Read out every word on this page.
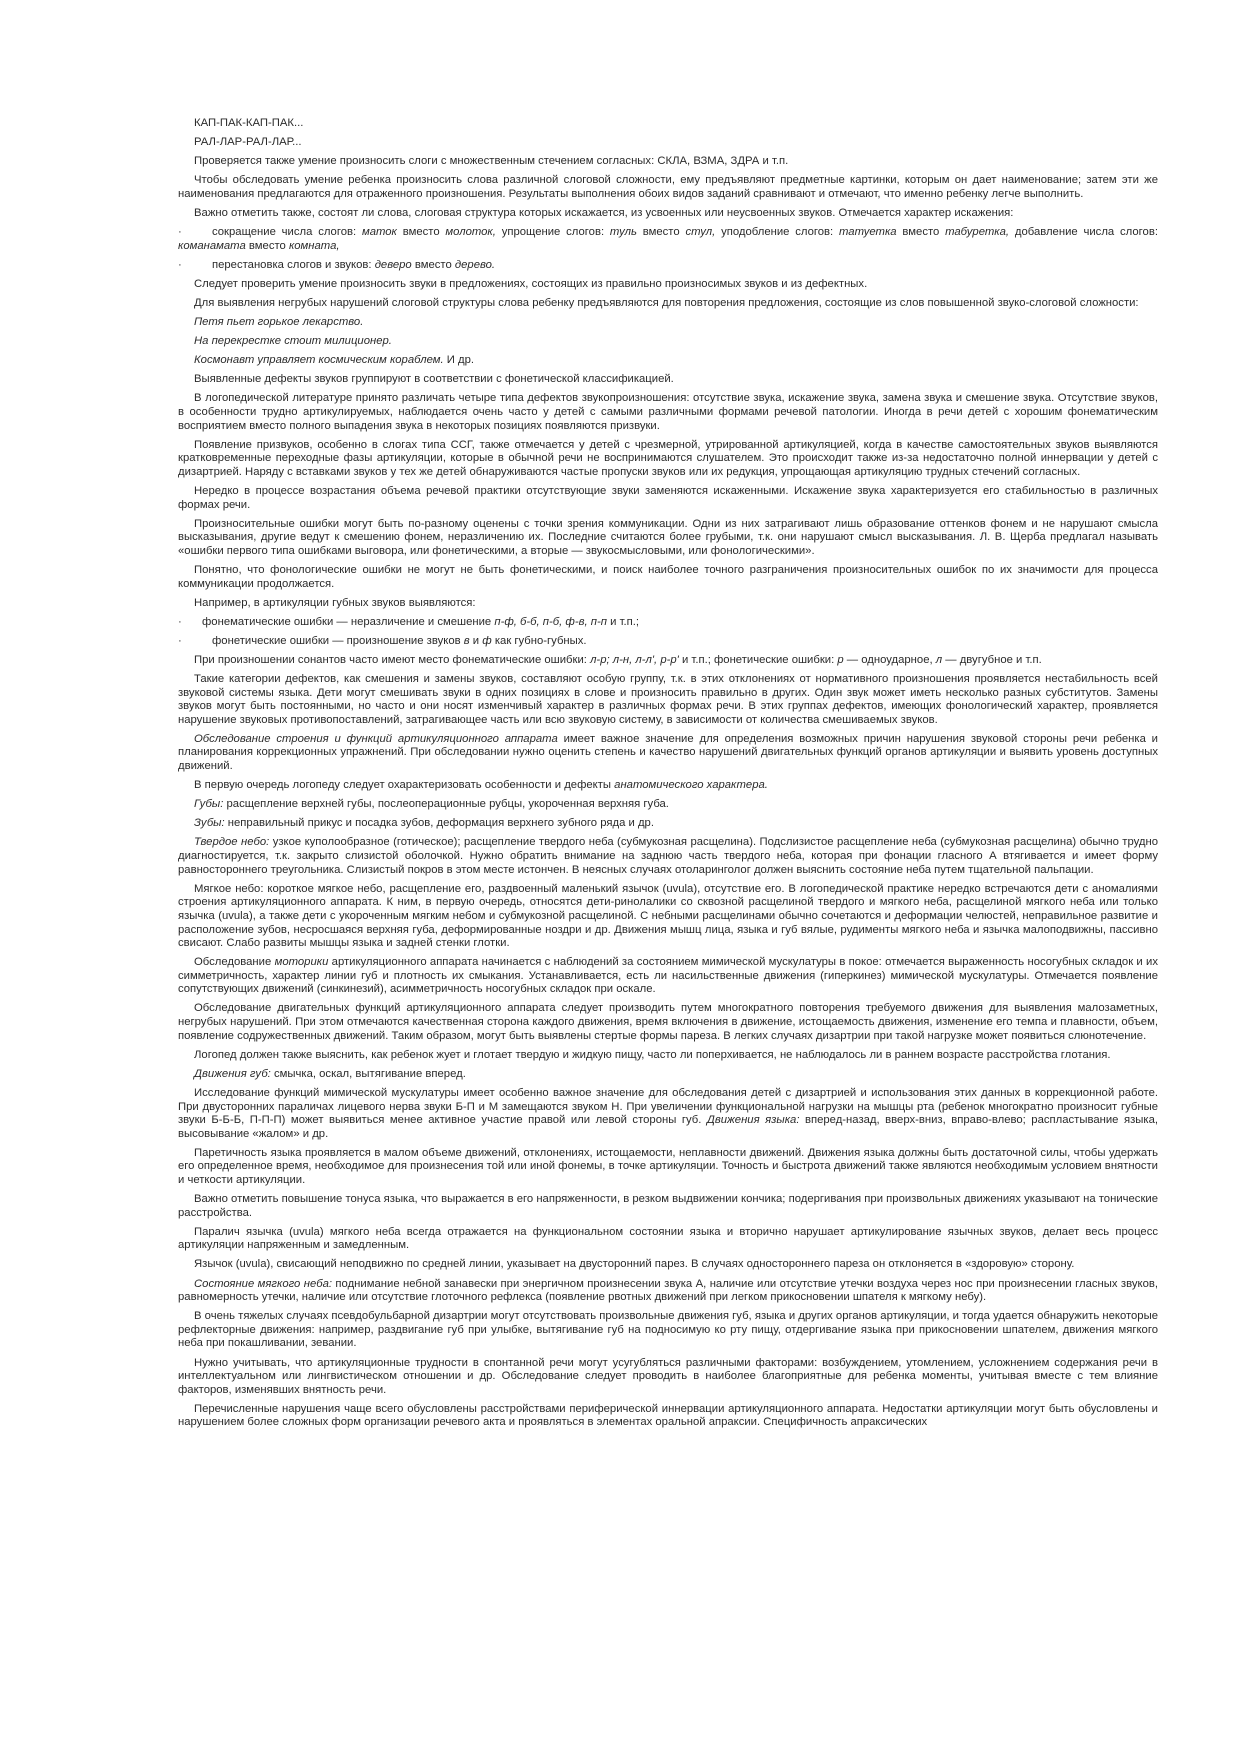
КАП-ПАК-КАП-ПАК...
РАЛ-ЛАР-РАЛ-ЛАР...
Проверяется также умение произносить слоги с множественным стечением согласных: СКЛА, ВЗМА, ЗДРА и т.п.
Чтобы обследовать умение ребенка произносить слова различной слоговой сложности, ему предъявляют предметные картинки, которым он дает наименование; затем эти же наименования предлагаются для отраженного произношения. Результаты выполнения обоих видов заданий сравнивают и отмечают, что именно ребенку легче выполнить.
Важно отметить также, состоят ли слова, слоговая структура которых искажается, из усвоенных или неусвоенных звуков. Отмечается характер искажения:
·	сокращение числа слогов: маток вместо молоток, упрощение слогов: туль вместо стул, уподобление слогов: татуетка вместо табуретка, добавление числа слогов: команамата вместо комната,
·	перестановка слогов и звуков: деверо вместо дерево.
Следует проверить умение произносить звуки в предложениях, состоящих из правильно произносимых звуков и из дефектных.
Для выявления негрубых нарушений слоговой структуры слова ребенку предъявляются для повторения предложения, состоящие из слов повышенной звуко-слоговой сложности:
Петя пьет горькое лекарство.
На перекрестке стоит милиционер.
Космонавт управляет космическим кораблем. И др.
Выявленные дефекты звуков группируют в соответствии с фонетической классификацией.
В логопедической литературе принято различать четыре типа дефектов звукопроизношения: отсутствие звука, искажение звука, замена звука и смешение звука. Отсутствие звуков, в особенности трудно артикулируемых, наблюдается очень часто у детей с самыми различными формами речевой патологии. Иногда в речи детей с хорошим фонематическим восприятием вместо полного выпадения звука в некоторых позициях появляются призвуки.
Появление призвуков, особенно в слогах типа ССГ, также отмечается у детей с чрезмерной, утрированной артикуляцией, когда в качестве самостоятельных звуков выявляются кратковременные переходные фазы артикуляции, которые в обычной речи не воспринимаются слушателем. Это происходит также из-за недостаточно полной иннервации у детей с дизартрией. Наряду с вставками звуков у тех же детей обнаруживаются частые пропуски звуков или их редукция, упрощающая артикуляцию трудных стечений согласных.
Нередко в процессе возрастания объема речевой практики отсутствующие звуки заменяются искаженными. Искажение звука характеризуется его стабильностью в различных формах речи.
Произносительные ошибки могут быть по-разному оценены с точки зрения коммуникации. Одни из них затрагивают лишь образование оттенков фонем и не нарушают смысла высказывания, другие ведут к смешению фонем, неразличению их. Последние считаются более грубыми, т.к. они нарушают смысл высказывания. Л. В. Щерба предлагал называть «ошибки первого типа ошибками выговора, или фонетическими, а вторые — звукосмысловыми, или фонологическими».
Понятно, что фонологические ошибки не могут не быть фонетическими, и поиск наиболее точного разграничения произносительных ошибок по их значимости для процесса коммуникации продолжается.
Например, в артикуляции губных звуков выявляются:
· фонематические ошибки — неразличение и смешение п-ф, б-б, п-б, ф-в, п-п и т.п.;
·	фонетические ошибки — произношение звуков в и ф как губно-губных.
При произношении сонантов часто имеют место фонематические ошибки: л-р; л-н, л-л', р-р' и т.п.; фонетические ошибки: р — одноударное, л — двугубное и т.п.
Такие категории дефектов, как смешения и замены звуков, составляют особую группу, т.к. в этих отклонениях от нормативного произношения проявляется нестабильность всей звуковой системы языка. Дети могут смешивать звуки в одних позициях в слове и произносить правильно в других. Один звук может иметь несколько разных субститутов. Замены звуков могут быть постоянными, но часто и они носят изменчивый характер в различных формах речи. В этих группах дефектов, имеющих фонологический характер, проявляется нарушение звуковых противопоставлений, затрагивающее часть или всю звуковую систему, в зависимости от количества смешиваемых звуков.
Обследование строения и функций артикуляционного аппарата имеет важное значение для определения возможных причин нарушения звуковой стороны речи ребенка и планирования коррекционных упражнений. При обследовании нужно оценить степень и качество нарушений двигательных функций органов артикуляции и выявить уровень доступных движений.
В первую очередь логопеду следует охарактеризовать особенности и дефекты анатомического характера.
Губы: расщепление верхней губы, послеоперационные рубцы, укороченная верхняя губа.
Зубы: неправильный прикус и посадка зубов, деформация верхнего зубного ряда и др.
Твердое небо: узкое куполообразное (готическое); расщепление твердого неба (субмукозная расщелина). Подслизистое расщепление неба (субмукозная расщелина) обычно трудно диагностируется, т.к. закрыто слизистой оболочкой. Нужно обратить внимание на заднюю часть твердого неба, которая при фонации гласного А втягивается и имеет форму равностороннего треугольника. Слизистый покров в этом месте истончен. В неясных случаях отоларинголог должен выяснить состояние неба путем тщательной пальпации.
Мягкое небо: короткое мягкое небо, расщепление его, раздвоенный маленький язычок (uvula), отсутствие его. В логопедической практике нередко встречаются дети с аномалиями строения артикуляционного аппарата. К ним, в первую очередь, относятся дети-ринолалики со сквозной расщелиной твердого и мягкого неба, расщелиной мягкого неба или только язычка (uvula), а также дети с укороченным мягким небом и субмукозной расщелиной. С небными расщелинами обычно сочетаются и деформации челюстей, неправильное развитие и расположение зубов, несросшаяся верхняя губа, деформированные ноздри и др. Движения мышц лица, языка и губ вялые, рудименты мягкого неба и язычка малоподвижны, пассивно свисают. Слабо развиты мышцы языка и задней стенки глотки.
Обследование моторики артикуляционного аппарата начинается с наблюдений за состоянием мимической мускулатуры в покое: отмечается выраженность носогубных складок и их симметричность, характер линии губ и плотность их смыкания. Устанавливается, есть ли насильственные движения (гиперкинез) мимической мускулатуры. Отмечается появление сопутствующих движений (синкинезий), асимметричность носогубных складок при оскале.
Обследование двигательных функций артикуляционного аппарата следует производить путем многократного повторения требуемого движения для выявления малозаметных, негрубых нарушений. При этом отмечаются качественная сторона каждого движения, время включения в движение, истощаемость движения, изменение его темпа и плавности, объем, появление содружественных движений. Таким образом, могут быть выявлены стертые формы пареза. В легких случаях дизартрии при такой нагрузке может появиться слюнотечение.
Логопед должен также выяснить, как ребенок жует и глотает твердую и жидкую пищу, часто ли поперхивается, не наблюдалось ли в раннем возрасте расстройства глотания.
Движения губ: смычка, оскал, вытягивание вперед.
Исследование функций мимической мускулатуры имеет особенно важное значение для обследования детей с дизартрией и использования этих данных в коррекционной работе. При двусторонних параличах лицевого нерва звуки Б-П и М замещаются звуком Н. При увеличении функциональной нагрузки на мышцы рта (ребенок многократно произносит губные звуки Б-Б-Б, П-П-П) может выявиться менее активное участие правой или левой стороны губ. Движения языка: вперед-назад, вверх-вниз, вправо-влево; распластывание языка, высовывание «жалом» и др.
Паретичность языка проявляется в малом объеме движений, отклонениях, истощаемости, неплавности движений. Движения языка должны быть достаточной силы, чтобы удержать его определенное время, необходимое для произнесения той или иной фонемы, в точке артикуляции. Точность и быстрота движений также являются необходимым условием внятности и четкости артикуляции.
Важно отметить повышение тонуса языка, что выражается в его напряженности, в резком выдвижении кончика; подергивания при произвольных движениях указывают на тонические расстройства.
Паралич язычка (uvula) мягкого неба всегда отражается на функциональном состоянии языка и вторично нарушает артикулирование язычных звуков, делает весь процесс артикуляции напряженным и замедленным.
Язычок (uvula), свисающий неподвижно по средней линии, указывает на двусторонний парез. В случаях одностороннего пареза он отклоняется в «здоровую» сторону.
Состояние мягкого неба: поднимание небной занавески при энергичном произнесении звука А, наличие или отсутствие утечки воздуха через нос при произнесении гласных звуков, равномерность утечки, наличие или отсутствие глоточного рефлекса (появление рвотных движений при легком прикосновении шпателя к мягкому небу).
В очень тяжелых случаях псевдобульбарной дизартрии могут отсутствовать произвольные движения губ, языка и других органов артикуляции, и тогда удается обнаружить некоторые рефлекторные движения: например, раздвигание губ при улыбке, вытягивание губ на подносимую ко рту пищу, отдергивание языка при прикосновении шпателем, движения мягкого неба при покашливании, зевании.
Нужно учитывать, что артикуляционные трудности в спонтанной речи могут усугубляться различными факторами: возбуждением, утомлением, усложнением содержания речи в интеллектуальном или лингвистическом отношении и др. Обследование следует проводить в наиболее благоприятные для ребенка моменты, учитывая вместе с тем влияние факторов, изменявших внятность речи.
Перечисленные нарушения чаще всего обусловлены расстройствами периферической иннервации артикуляционного аппарата. Недостатки артикуляции могут быть обусловлены и нарушением более сложных форм организации речевого акта и проявляться в элементах оральной апраксии. Специфичность апраксических
